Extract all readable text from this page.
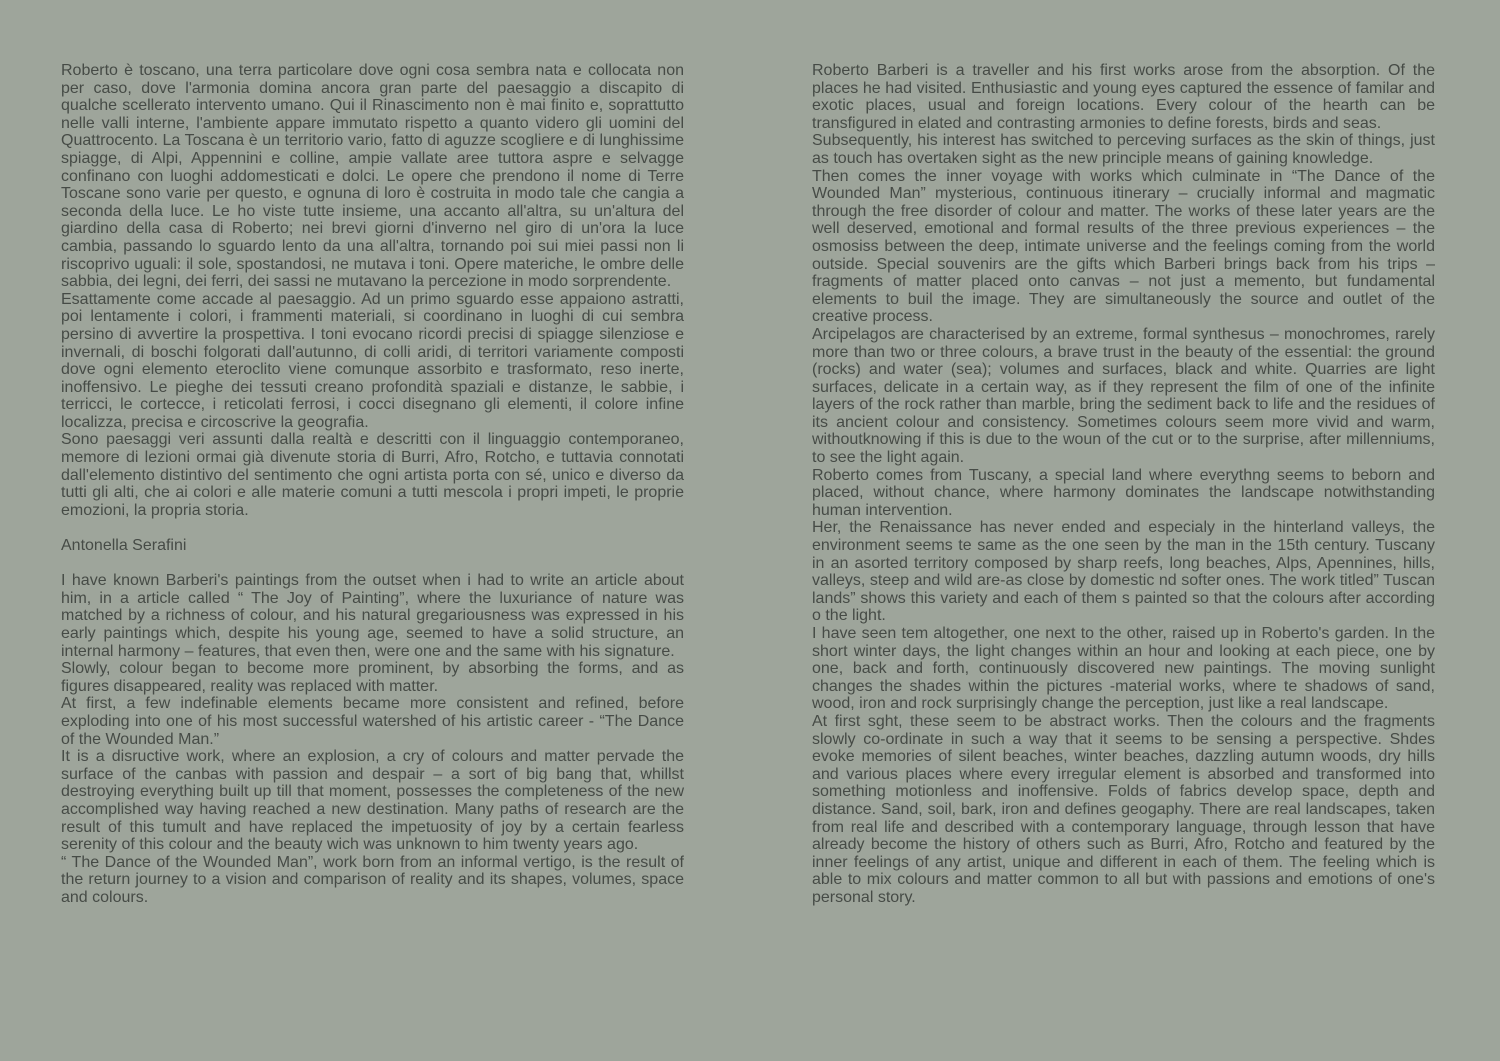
Roberto è toscano, una terra particolare dove ogni cosa sembra nata e collocata non per caso, dove l'armonia domina ancora gran parte del paesaggio a discapito di qualche scellerato intervento umano. Qui il Rinascimento non è mai finito e, soprattutto nelle valli interne, l'ambiente appare immutato rispetto a quanto videro gli uomini del Quattrocento. La Toscana è un territorio vario, fatto di aguzze scogliere e di lunghissime spiagge, di Alpi, Appennini e colline, ampie vallate aree tuttora aspre e selvagge confinano con luoghi addomesticati e dolci. Le opere che prendono il nome di Terre Toscane sono varie per questo, e ognuna di loro è costruita in modo tale che cangia a seconda della luce. Le ho viste tutte insieme, una accanto all'altra, su un'altura del giardino della casa di Roberto; nei brevi giorni d'inverno nel giro di un'ora la luce cambia, passando lo sguardo lento da una all'altra, tornando poi sui miei passi non li riscoprivo uguali: il sole, spostandosi, ne mutava i toni. Opere materiche, le ombre delle sabbia, dei legni, dei ferri, dei sassi ne mutavano la percezione in modo sorprendente.

Esattamente come accade al paesaggio. Ad un primo sguardo esse appaiono astratti, poi lentamente i colori, i frammenti materiali, si coordinano in luoghi di cui sembra persino di avvertire la prospettiva. I toni evocano ricordi precisi di spiagge silenziose e invernali, di boschi folgorati dall'autunno, di colli aridi, di territori variamente composti dove ogni elemento eteroclito viene comunque assorbito e trasformato, reso inerte, inoffensivo. Le pieghe dei tessuti creano profondità spaziali e distanze, le sabbie, i terricci, le cortecce, i reticolati ferrosi, i cocci disegnano gli elementi, il colore infine localizza, precisa e circoscrive la geografia.

Sono paesaggi veri assunti dalla realtà e descritti con il linguaggio contemporaneo, memore di lezioni ormai già divenute storia di Burri, Afro, Rotcho, e tuttavia connotati dall'elemento distintivo del sentimento che ogni artista porta con sé, unico e diverso da tutti gli alti, che ai colori e alle materie comuni a tutti mescola i propri impeti, le proprie emozioni, la propria storia.

Antonella Serafini

I have known Barberi's paintings from the outset when i had to write an article about him, in a article called “ The Joy of Painting”, where the luxuriance of nature was matched by a richness of colour, and his natural gregariousness was expressed in his early paintings which, despite his young age, seemed to have a solid structure, an internal harmony – features, that even then, were one and the same with his signature.

Slowly, colour began to become more prominent, by absorbing the forms, and as figures disappeared, reality was replaced with matter.

At first, a few indefinable elements became more consistent and refined, before exploding into one of his most successful watershed of his artistic career - “The Dance of the Wounded Man.”

It is a disructive work, where an explosion, a cry of colours and matter pervade the surface of the canbas with passion and despair – a sort of big bang that, whillst destroying everything built up till that moment, possesses the completeness of the new accomplished way having reached a new destination. Many paths of research are the result of this tumult and have replaced the impetuosity of joy by a certain fearless serenity of this colour and the beauty wich was unknown to him twenty years ago.

“ The Dance of the Wounded Man”, work born from an informal vertigo, is the result of the return journey to a vision and comparison of reality and its shapes, volumes, space and colours.

Roberto Barberi is a traveller and his first works arose from the absorption. Of the places he had visited. Enthusiastic and young eyes captured the essence of familar and exotic places, usual and foreign locations. Every colour of the hearth can be transfigured in elated and contrasting armonies to define forests, birds and seas.

Subsequently, his interest has switched to perceving surfaces as the skin of things, just as touch has overtaken sight as the new principle means of gaining knowledge.

Then comes the inner voyage with works which culminate in “The Dance of the Wounded Man” mysterious, continuous itinerary – crucially informal and magmatic through the free disorder of colour and matter. The works of these later years are the well deserved, emotional and formal results of the three previous experiences – the osmosiss between the deep, intimate universe and the feelings coming from the world outside. Special souvenirs are the gifts which Barberi brings back from his trips – fragments of matter placed onto canvas – not just a memento, but fundamental elements to buil the image. They are simultaneously the source and outlet of the creative process.

Arcipelagos are characterised by an extreme, formal synthesus – monochromes, rarely more than two or three colours, a brave trust in the beauty of the essential: the ground (rocks) and water (sea); volumes and surfaces, black and white. Quarries are light surfaces, delicate in a certain way, as if they represent the film of one of the infinite layers of the rock rather than marble, bring the sediment back to life and the residues of its ancient colour and consistency. Sometimes colours seem more vivid and warm, withoutknowing if this is due to the woun of the cut or to the surprise, after millenniums, to see the light again.

Roberto comes from Tuscany, a special land where everythng seems to beborn and placed, without chance, where harmony dominates the landscape notwithstanding human intervention.

Her, the Renaissance has never ended and especialy in the hinterland valleys, the environment seems te same as the one seen by the man in the 15th century. Tuscany in an asorted territory composed by sharp reefs, long beaches, Alps, Apennines, hills, valleys, steep and wild are-as close by domestic nd softer ones. The work titled” Tuscan lands” shows this variety and each of them s painted so that the colours after according o the light.

I have seen tem altogether, one next to the other, raised up in Roberto's garden. In the short winter days, the light changes within an hour and looking at each piece, one by one, back and forth, continuously discovered new paintings. The moving sunlight changes the shades within the pictures -material works, where te shadows of sand, wood, iron and rock surprisingly change the perception, just like a real landscape.

At first sght, these seem to be abstract works. Then the colours and the fragments slowly co-ordinate in such a way that it seems to be sensing a perspective. Shdes evoke memories of silent beaches, winter beaches, dazzling autumn woods, dry hills and various places where every irregular element is absorbed and transformed into something motionless and inoffensive. Folds of fabrics develop space, depth and distance. Sand, soil, bark, iron and defines geogaphy. There are real landscapes, taken from real life and described with a contemporary language, through lesson that have already become the history of others such as Burri, Afro, Rotcho and featured by the inner feelings of any artist, unique and different in each of them. The feeling which is able to mix colours and matter common to all but with passions and emotions of one's personal story.
